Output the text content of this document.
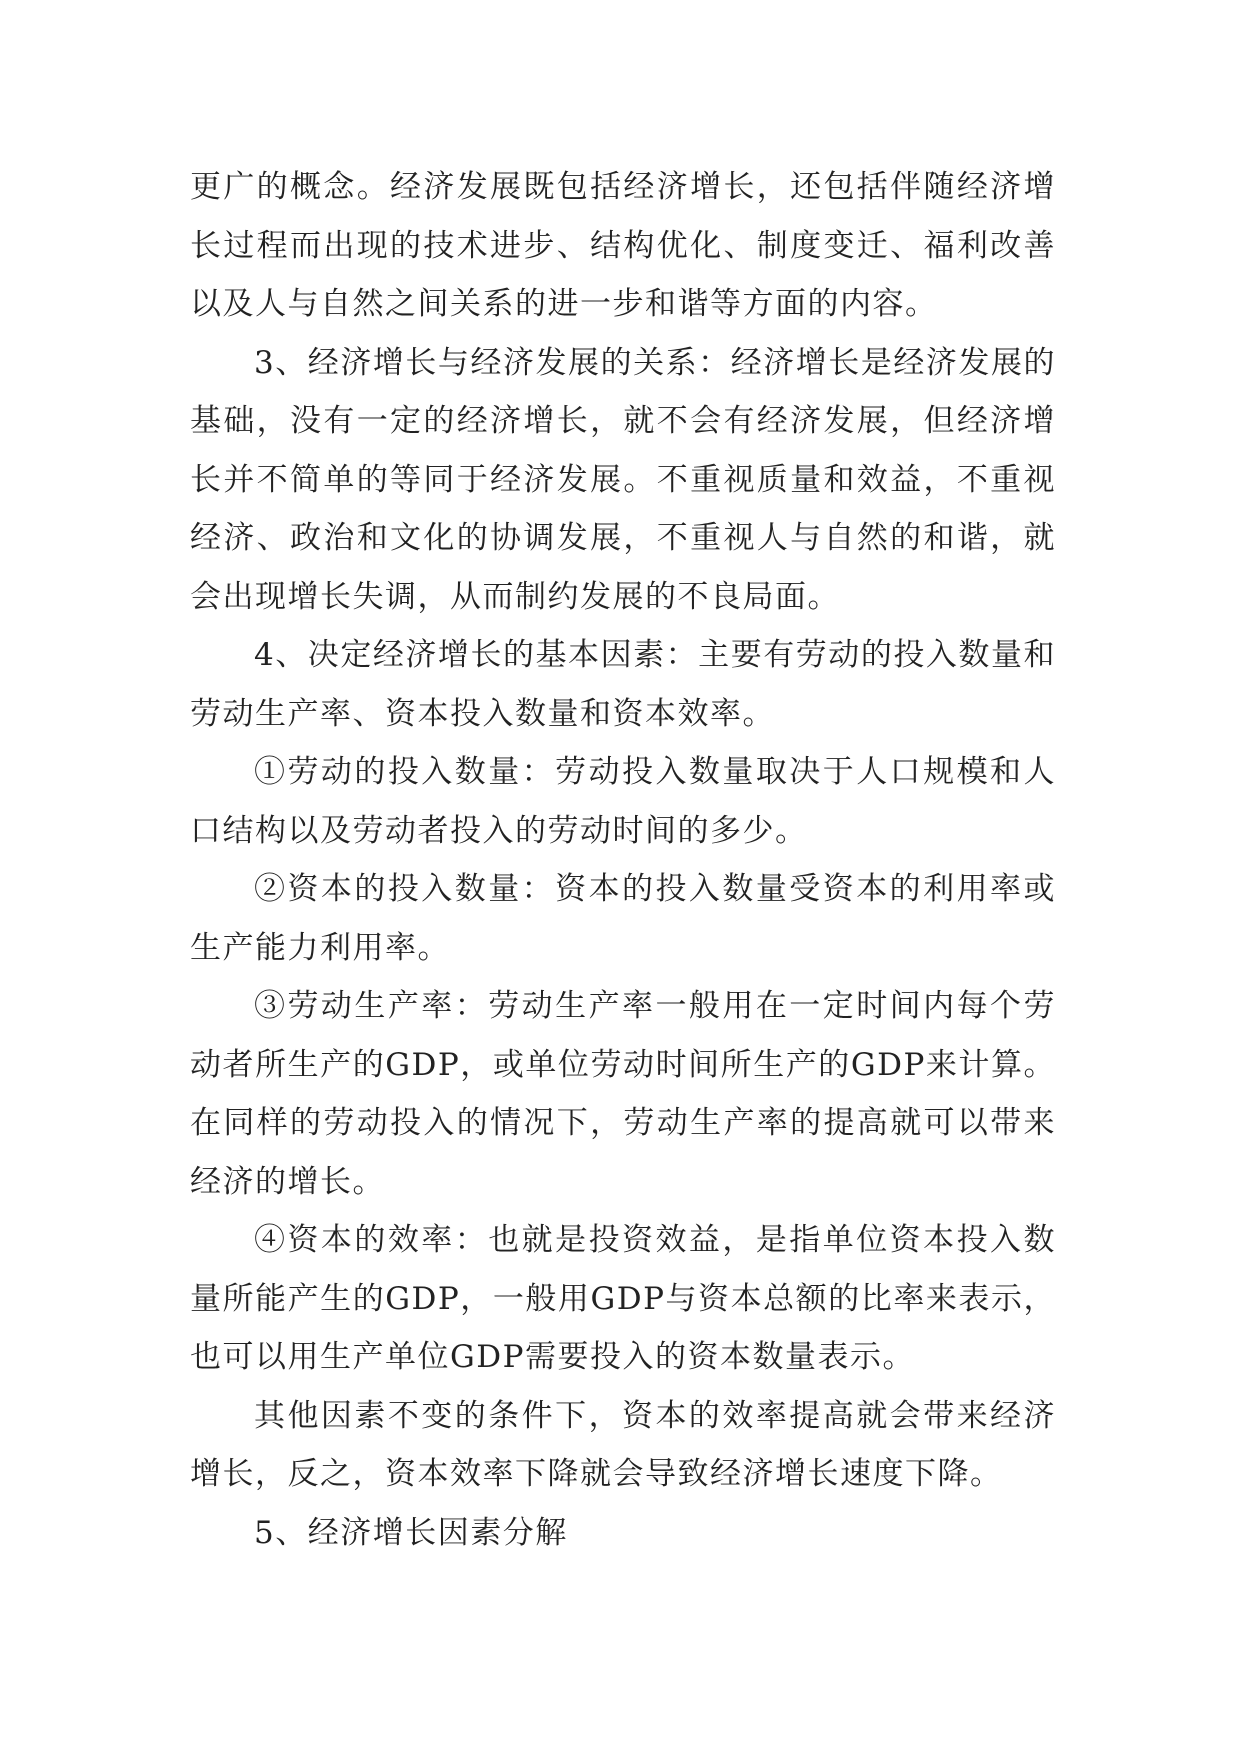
更广的概念。经济发展既包括经济增长，还包括伴随经济增长过程而出现的技术进步、结构优化、制度变迁、福利改善以及人与自然之间关系的进一步和谐等方面的内容。

3、经济增长与经济发展的关系：经济增长是经济发展的基础，没有一定的经济增长，就不会有经济发展，但经济增长并不简单的等同于经济发展。不重视质量和效益，不重视经济、政治和文化的协调发展，不重视人与自然的和谐，就会出现增长失调，从而制约发展的不良局面。

4、决定经济增长的基本因素：主要有劳动的投入数量和劳动生产率、资本投入数量和资本效率。

①劳动的投入数量：劳动投入数量取决于人口规模和人口结构以及劳动者投入的劳动时间的多少。

②资本的投入数量：资本的投入数量受资本的利用率或生产能力利用率。

③劳动生产率：劳动生产率一般用在一定时间内每个劳动者所生产的GDP，或单位劳动时间所生产的GDP来计算。在同样的劳动投入的情况下，劳动生产率的提高就可以带来经济的增长。

④资本的效率：也就是投资效益，是指单位资本投入数量所能产生的GDP，一般用GDP与资本总额的比率来表示，也可以用生产单位GDP需要投入的资本数量表示。

其他因素不变的条件下，资本的效率提高就会带来经济增长，反之，资本效率下降就会导致经济增长速度下降。

5、经济增长因素分解
